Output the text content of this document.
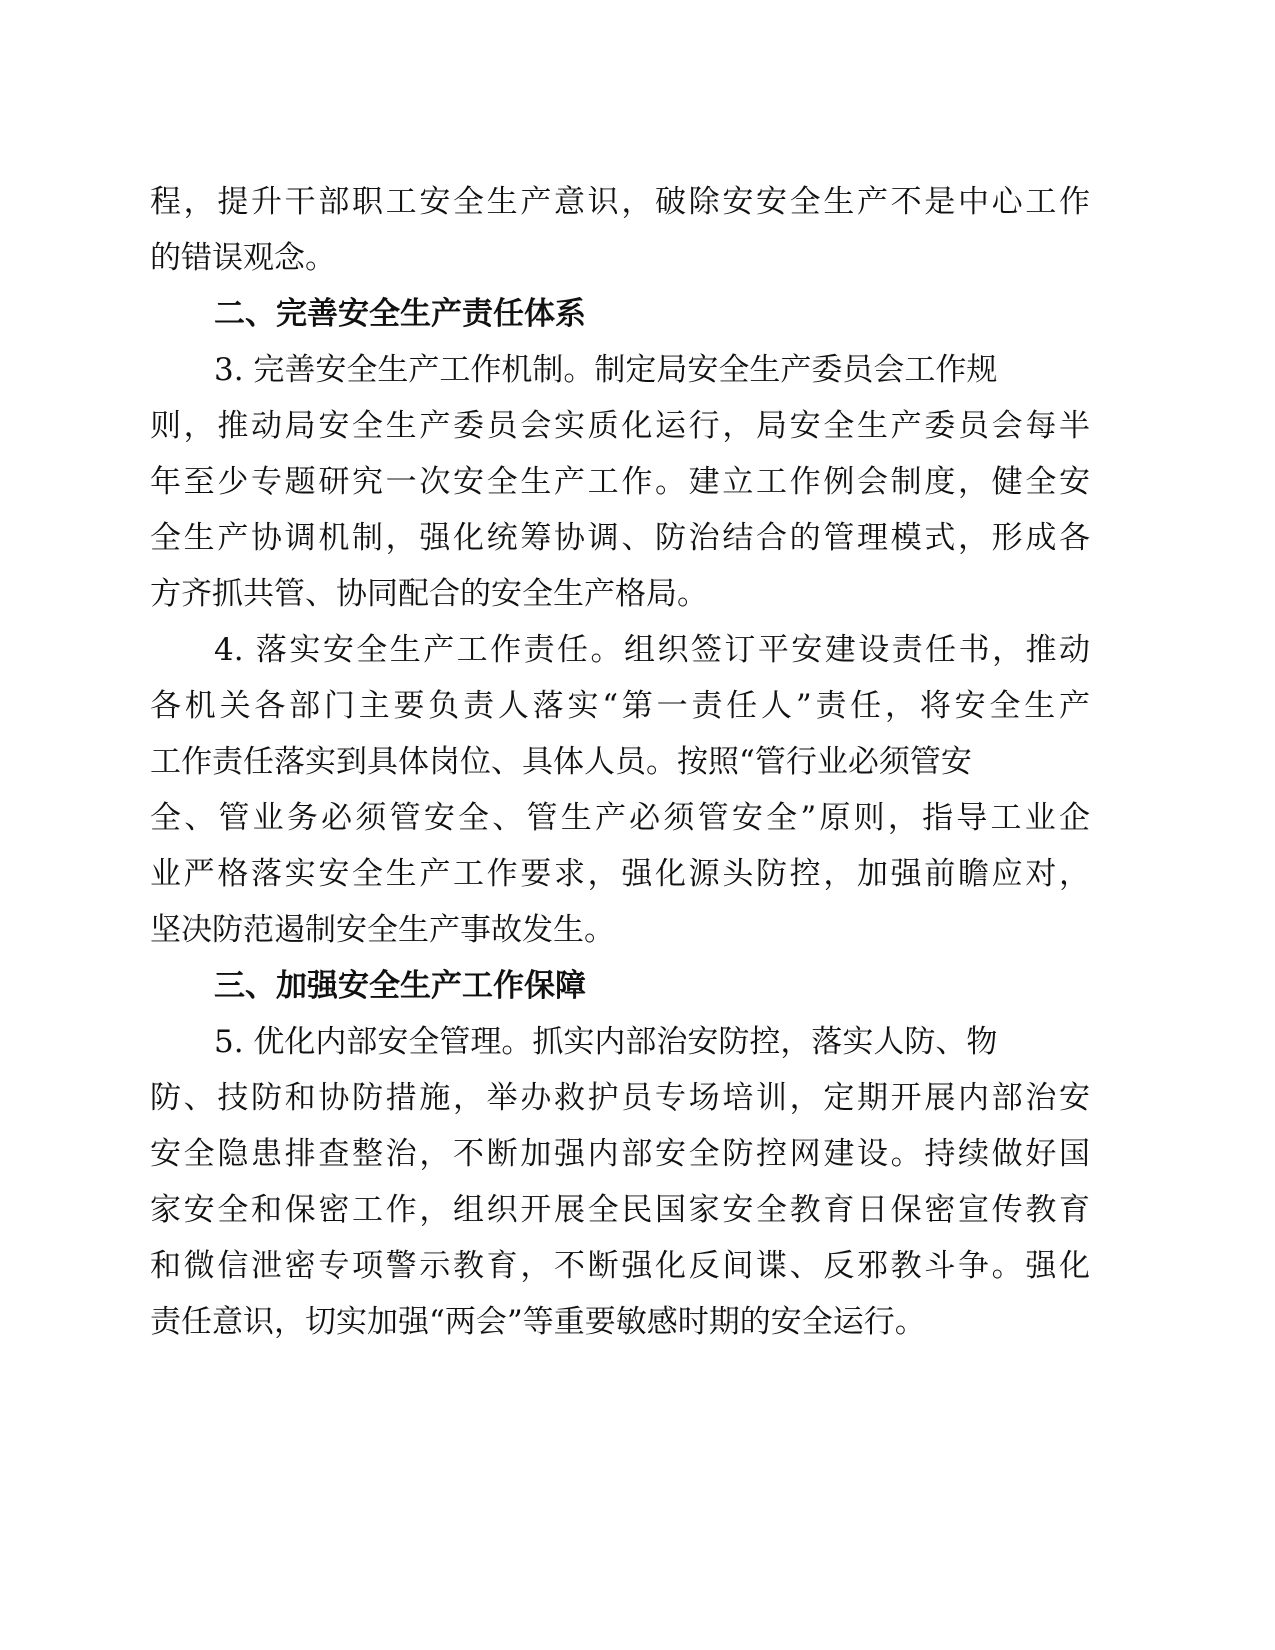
程，提升干部职工安全生产意识，破除安安全生产不是中心工作
的错误观念。
二、完善安全生产责任体系
3. 完善安全生产工作机制。制定局安全生产委员会工作规
则，推动局安全生产委员会实质化运行，局安全生产委员会每半
年至少专题研究一次安全生产工作。建立工作例会制度，健全安
全生产协调机制，强化统筹协调、防治结合的管理模式，形成各
方齐抓共管、协同配合的安全生产格局。
4. 落实安全生产工作责任。组织签订平安建设责任书，推动
各机关各部门主要负责人落实“第一责任人”责任，将安全生产
工作责任落实到具体岗位、具体人员。按照“管行业必须管安
全、管业务必须管安全、管生产必须管安全”原则，指导工业企
业严格落实安全生产工作要求，强化源头防控，加强前瞻应对，
坚决防范遏制安全生产事故发生。
三、加强安全生产工作保障
5. 优化内部安全管理。抓实内部治安防控，落实人防、物
防、技防和协防措施，举办救护员专场培训，定期开展内部治安
安全隐患排查整治，不断加强内部安全防控网建设。持续做好国
家安全和保密工作，组织开展全民国家安全教育日保密宣传教育
和微信泄密专项警示教育，不断强化反间谍、反邪教斗争。强化
责任意识，切实加强“两会”等重要敏感时期的安全运行。
